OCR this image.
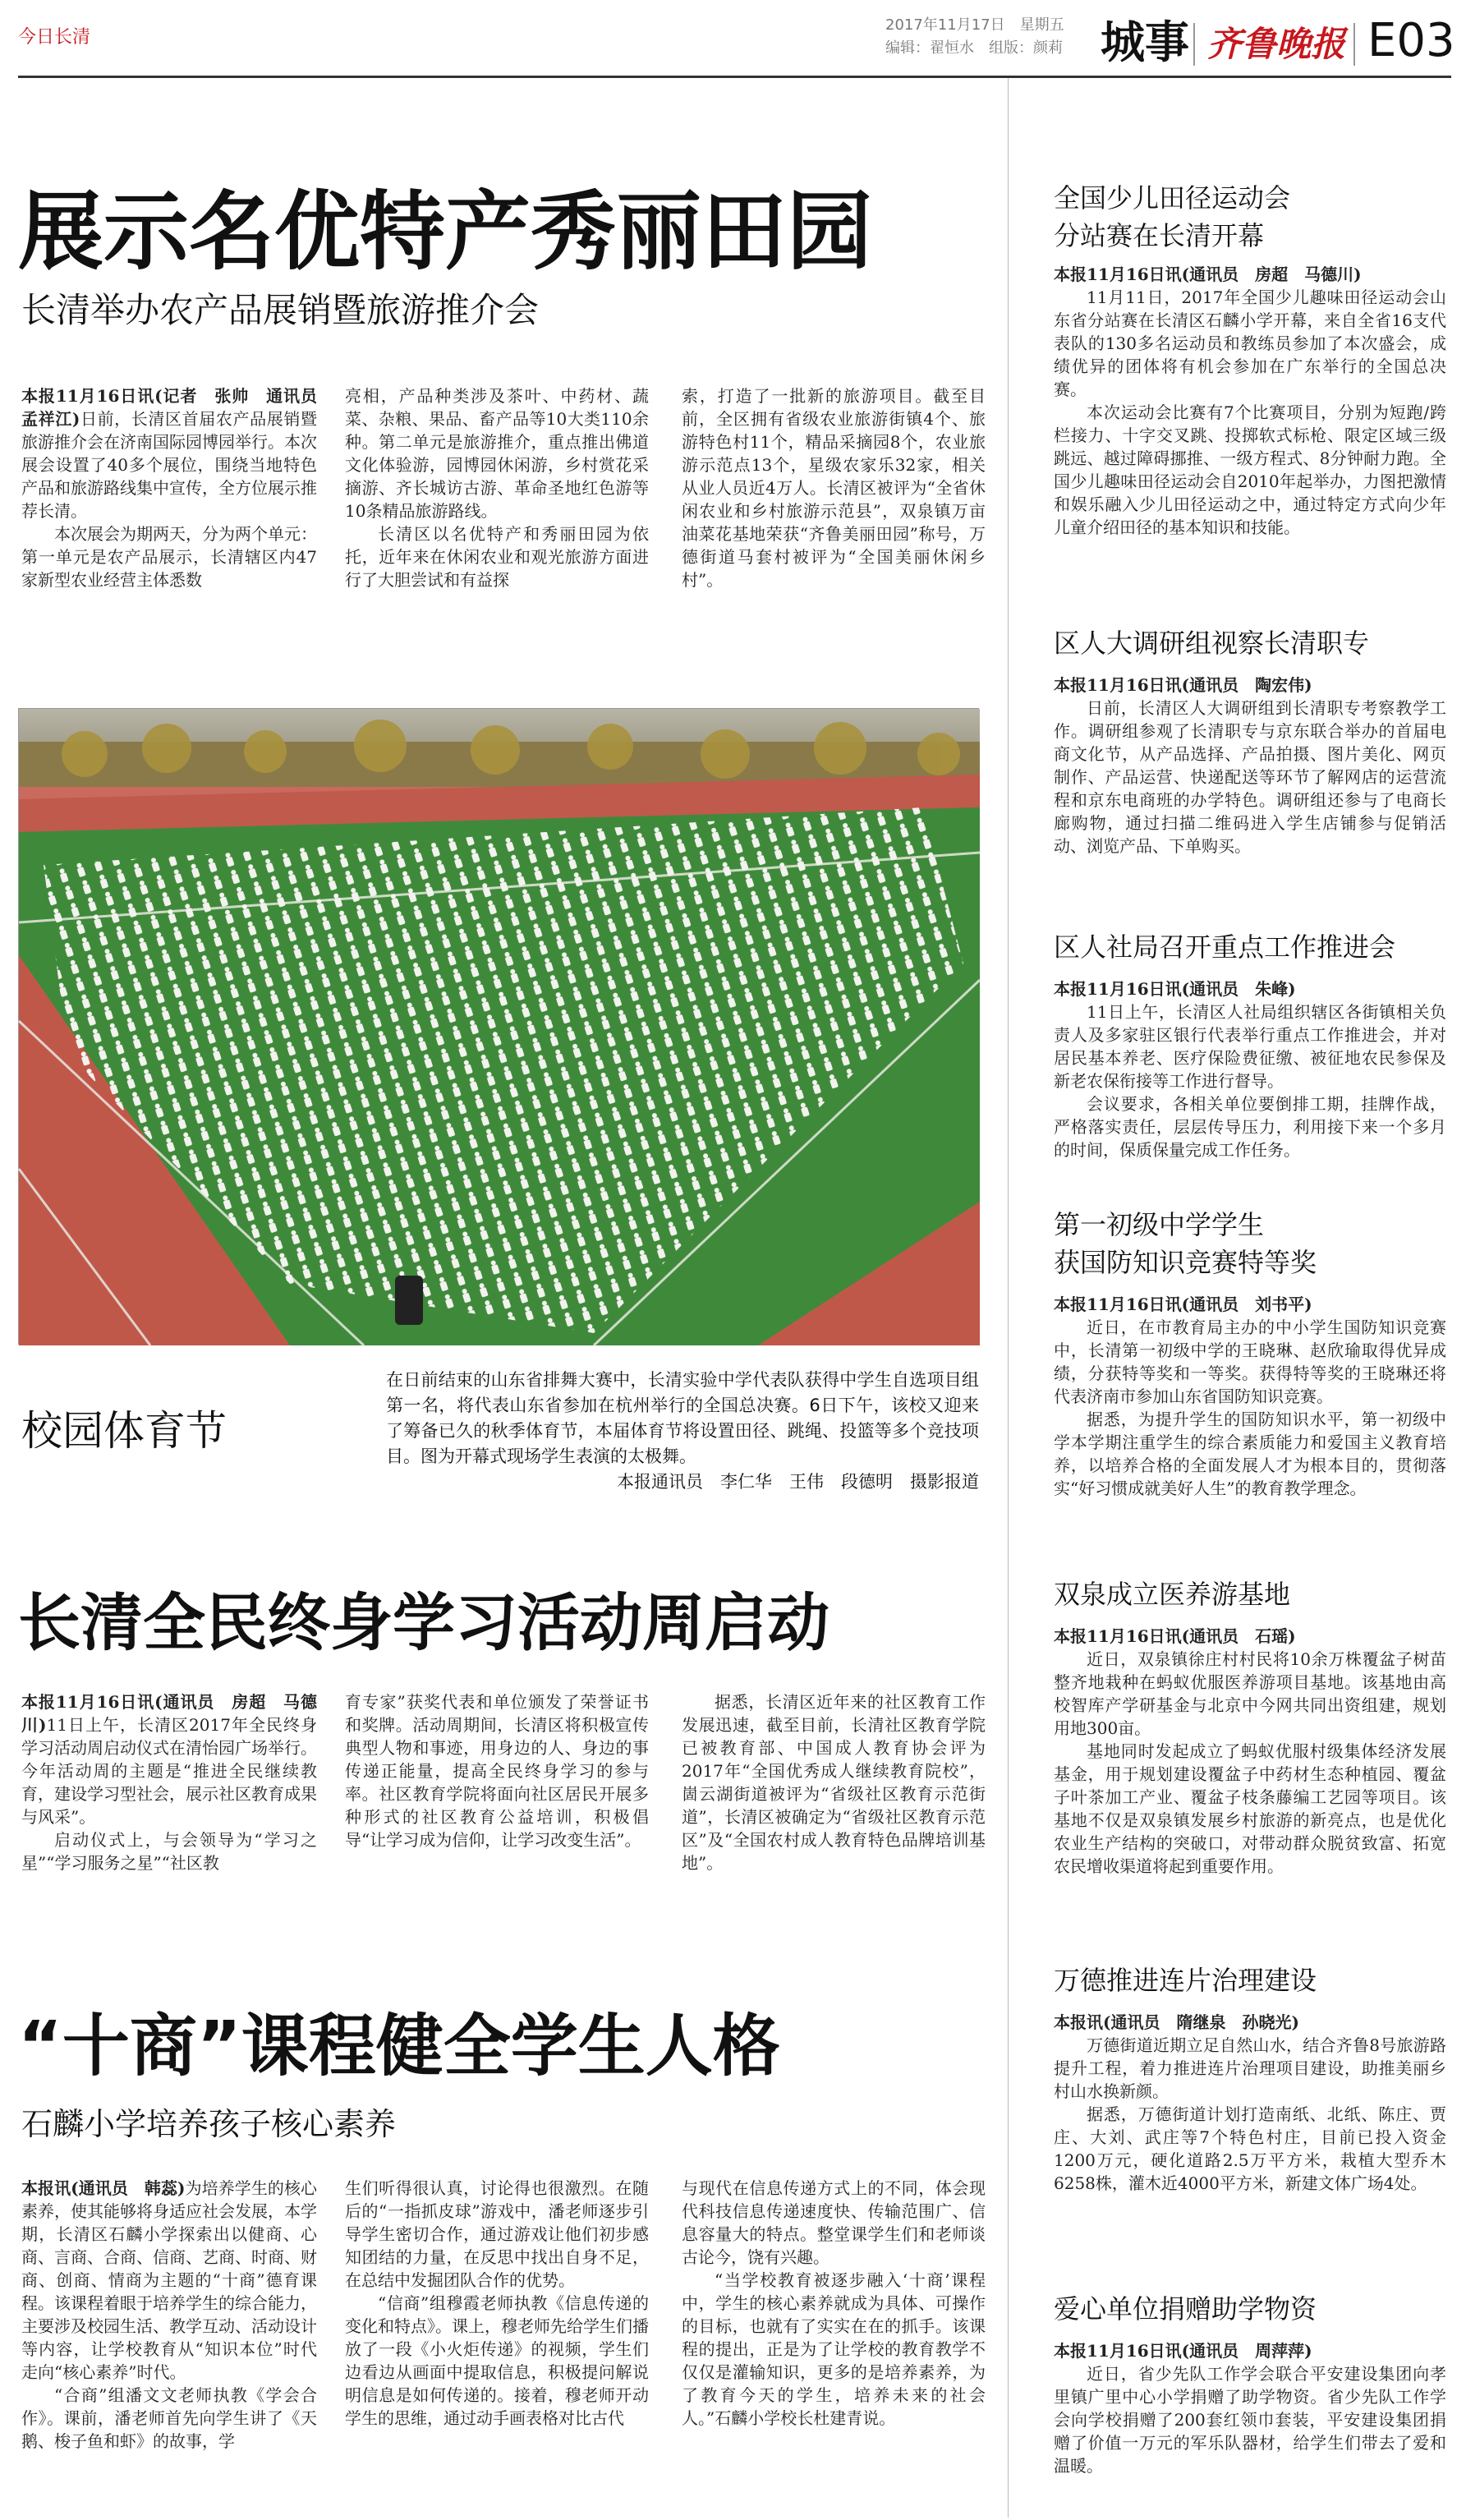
今日长清
2017年11月17日　星期五
编辑：翟恒水　组版：颜莉 城事 齐鲁晚报 E03
展示名优特产秀丽田园
长清举办农产品展销暨旅游推介会

本报11月16日讯(记者　张帅　通讯员　孟祥江)日前，长清区首届农产品展销暨旅游推介会在济南国际园博园举行。本次展会设置了40多个展位，围绕当地特色产品和旅游路线集中宣传，全方位展示推荐长清。

本次展会为期两天，分为两个单元：第一单元是农产品展示，长清辖区内47家新型农业经营主体悉数

亮相，产品种类涉及茶叶、中药材、蔬菜、杂粮、果品、畜产品等10大类110余种。第二单元是旅游推介，重点推出佛道文化体验游，园博园休闲游，乡村赏花采摘游、齐长城访古游、革命圣地红色游等10条精品旅游路线。

长清区以名优特产和秀丽田园为依托，近年来在休闲农业和观光旅游方面进行了大胆尝试和有益探

索，打造了一批新的旅游项目。截至目前，全区拥有省级农业旅游街镇4个、旅游特色村11个，精品采摘园8个，农业旅游示范点13个，星级农家乐32家，相关从业人员近4万人。长清区被评为“全省休闲农业和乡村旅游示范县”，双泉镇万亩油菜花基地荣获“齐鲁美丽田园”称号，万德街道马套村被评为“全国美丽休闲乡村”。

校园体育节
在日前结束的山东省排舞大赛中，长清实验中学代表队获得中学生自选项目组第一名，将代表山东省参加在杭州举行的全国总决赛。6日下午，该校又迎来了筹备已久的秋季体育节，本届体育节将设置田径、跳绳、投篮等多个竞技项目。图为开幕式现场学生表演的太极舞。
本报通讯员　李仁华　王伟　段德明　摄影报道
长清全民终身学习活动周启动

本报11月16日讯(通讯员　房超　马德川)11日上午，长清区2017年全民终身学习活动周启动仪式在清怡园广场举行。今年活动周的主题是“推进全民继续教育，建设学习型社会，展示社区教育成果与风采”。

启动仪式上，与会领导为“学习之星”“学习服务之星”“社区教

育专家”获奖代表和单位颁发了荣誉证书和奖牌。活动周期间，长清区将积极宣传典型人物和事迹，用身边的人、身边的事传递正能量，提高全民终身学习的参与率。社区教育学院将面向社区居民开展多种形式的社区教育公益培训，积极倡导“让学习成为信仰，让学习改变生活”。

据悉，长清区近年来的社区教育工作发展迅速，截至目前，长清社区教育学院已被教育部、中国成人教育协会评为2017年“全国优秀成人继续教育院校”，崮云湖街道被评为“省级社区教育示范街道”，长清区被确定为“省级社区教育示范区”及“全国农村成人教育特色品牌培训基地”。

“十商”课程健全学生人格
石麟小学培养孩子核心素养

本报讯(通讯员　韩蕊)为培养学生的核心素养，使其能够将身适应社会发展，本学期，长清区石麟小学探索出以健商、心商、言商、合商、信商、艺商、时商、财商、创商、情商为主题的“十商”德育课程。该课程着眼于培养学生的综合能力，主要涉及校园生活、教学互动、活动设计等内容，让学校教育从“知识本位”时代走向“核心素养”时代。

“合商”组潘文文老师执教《学会合作》。课前，潘老师首先向学生讲了《天鹅、梭子鱼和虾》的故事，学

生们听得很认真，讨论得也很激烈。在随后的“一指抓皮球”游戏中，潘老师逐步引导学生密切合作，通过游戏让他们初步感知团结的力量，在反思中找出自身不足，在总结中发掘团队合作的优势。

“信商”组穆霞老师执教《信息传递的变化和特点》。课上，穆老师先给学生们播放了一段《小火炬传递》的视频，学生们边看边从画面中提取信息，积极提问解说明信息是如何传递的。接着，穆老师开动学生的思维，通过动手画表格对比古代

与现代在信息传递方式上的不同，体会现代科技信息传递速度快、传输范围广、信息容量大的特点。整堂课学生们和老师谈古论今，饶有兴趣。

“当学校教育被逐步融入‘十商’课程中，学生的核心素养就成为具体、可操作的目标，也就有了实实在在的抓手。该课程的提出，正是为了让学校的教育教学不仅仅是灌输知识，更多的是培养素养，为了教育今天的学生，培养未来的社会人。”石麟小学校长杜建青说。

全国少儿田径运动会
分站赛在长清开幕

本报11月16日讯(通讯员　房超　马德川)

11月11日，2017年全国少儿趣味田径运动会山东省分站赛在长清区石麟小学开幕，来自全省16支代表队的130多名运动员和教练员参加了本次盛会，成绩优异的团体将有机会参加在广东举行的全国总决赛。

本次运动会比赛有7个比赛项目，分别为短跑/跨栏接力、十字交叉跳、投掷软式标枪、限定区域三级跳远、越过障碍挪推、一级方程式、8分钟耐力跑。全国少儿趣味田径运动会自2010年起举办，力图把激情和娱乐融入少儿田径运动之中，通过特定方式向少年儿童介绍田径的基本知识和技能。

区人大调研组视察长清职专

本报11月16日讯(通讯员　陶宏伟)

日前，长清区人大调研组到长清职专考察教学工作。调研组参观了长清职专与京东联合举办的首届电商文化节，从产品选择、产品拍摄、图片美化、网页制作、产品运营、快递配送等环节了解网店的运营流程和京东电商班的办学特色。调研组还参与了电商长廊购物，通过扫描二维码进入学生店铺参与促销活动、浏览产品、下单购买。

区人社局召开重点工作推进会

本报11月16日讯(通讯员　朱峰)

11日上午，长清区人社局组织辖区各街镇相关负责人及多家驻区银行代表举行重点工作推进会，并对居民基本养老、医疗保险费征缴、被征地农民参保及新老农保衔接等工作进行督导。

会议要求，各相关单位要倒排工期，挂牌作战，严格落实责任，层层传导压力，利用接下来一个多月的时间，保质保量完成工作任务。

第一初级中学学生
获国防知识竞赛特等奖

本报11月16日讯(通讯员　刘书平)

近日，在市教育局主办的中小学生国防知识竞赛中，长清第一初级中学的王晓琳、赵欣瑜取得优异成绩，分获特等奖和一等奖。获得特等奖的王晓琳还将代表济南市参加山东省国防知识竞赛。

据悉，为提升学生的国防知识水平，第一初级中学本学期注重学生的综合素质能力和爱国主义教育培养，以培养合格的全面发展人才为根本目的，贯彻落实“好习惯成就美好人生”的教育教学理念。

双泉成立医养游基地

本报11月16日讯(通讯员　石瑶)

近日，双泉镇徐庄村村民将10余万株覆盆子树苗整齐地栽种在蚂蚁优服医养游项目基地。该基地由高校智库产学研基金与北京中今网共同出资组建，规划用地300亩。

基地同时发起成立了蚂蚁优服村级集体经济发展基金，用于规划建设覆盆子中药材生态种植园、覆盆子叶茶加工产业、覆盆子枝条藤编工艺园等项目。该基地不仅是双泉镇发展乡村旅游的新亮点，也是优化农业生产结构的突破口，对带动群众脱贫致富、拓宽农民增收渠道将起到重要作用。

万德推进连片治理建设

本报讯(通讯员　隋继泉　孙晓光)

万德街道近期立足自然山水，结合齐鲁8号旅游路提升工程，着力推进连片治理项目建设，助推美丽乡村山水换新颜。

据悉，万德街道计划打造南纸、北纸、陈庄、贾庄、大刘、武庄等7个特色村庄，目前已投入资金1200万元，硬化道路2.5万平方米，栽植大型乔木6258株，灌木近4000平方米，新建文体广场4处。

爱心单位捐赠助学物资

本报11月16日讯(通讯员　周萍萍)

近日，省少先队工作学会联合平安建设集团向孝里镇广里中心小学捐赠了助学物资。省少先队工作学会向学校捐赠了200套红领巾套装，平安建设集团捐赠了价值一万元的军乐队器材，给学生们带去了爱和温暖。
